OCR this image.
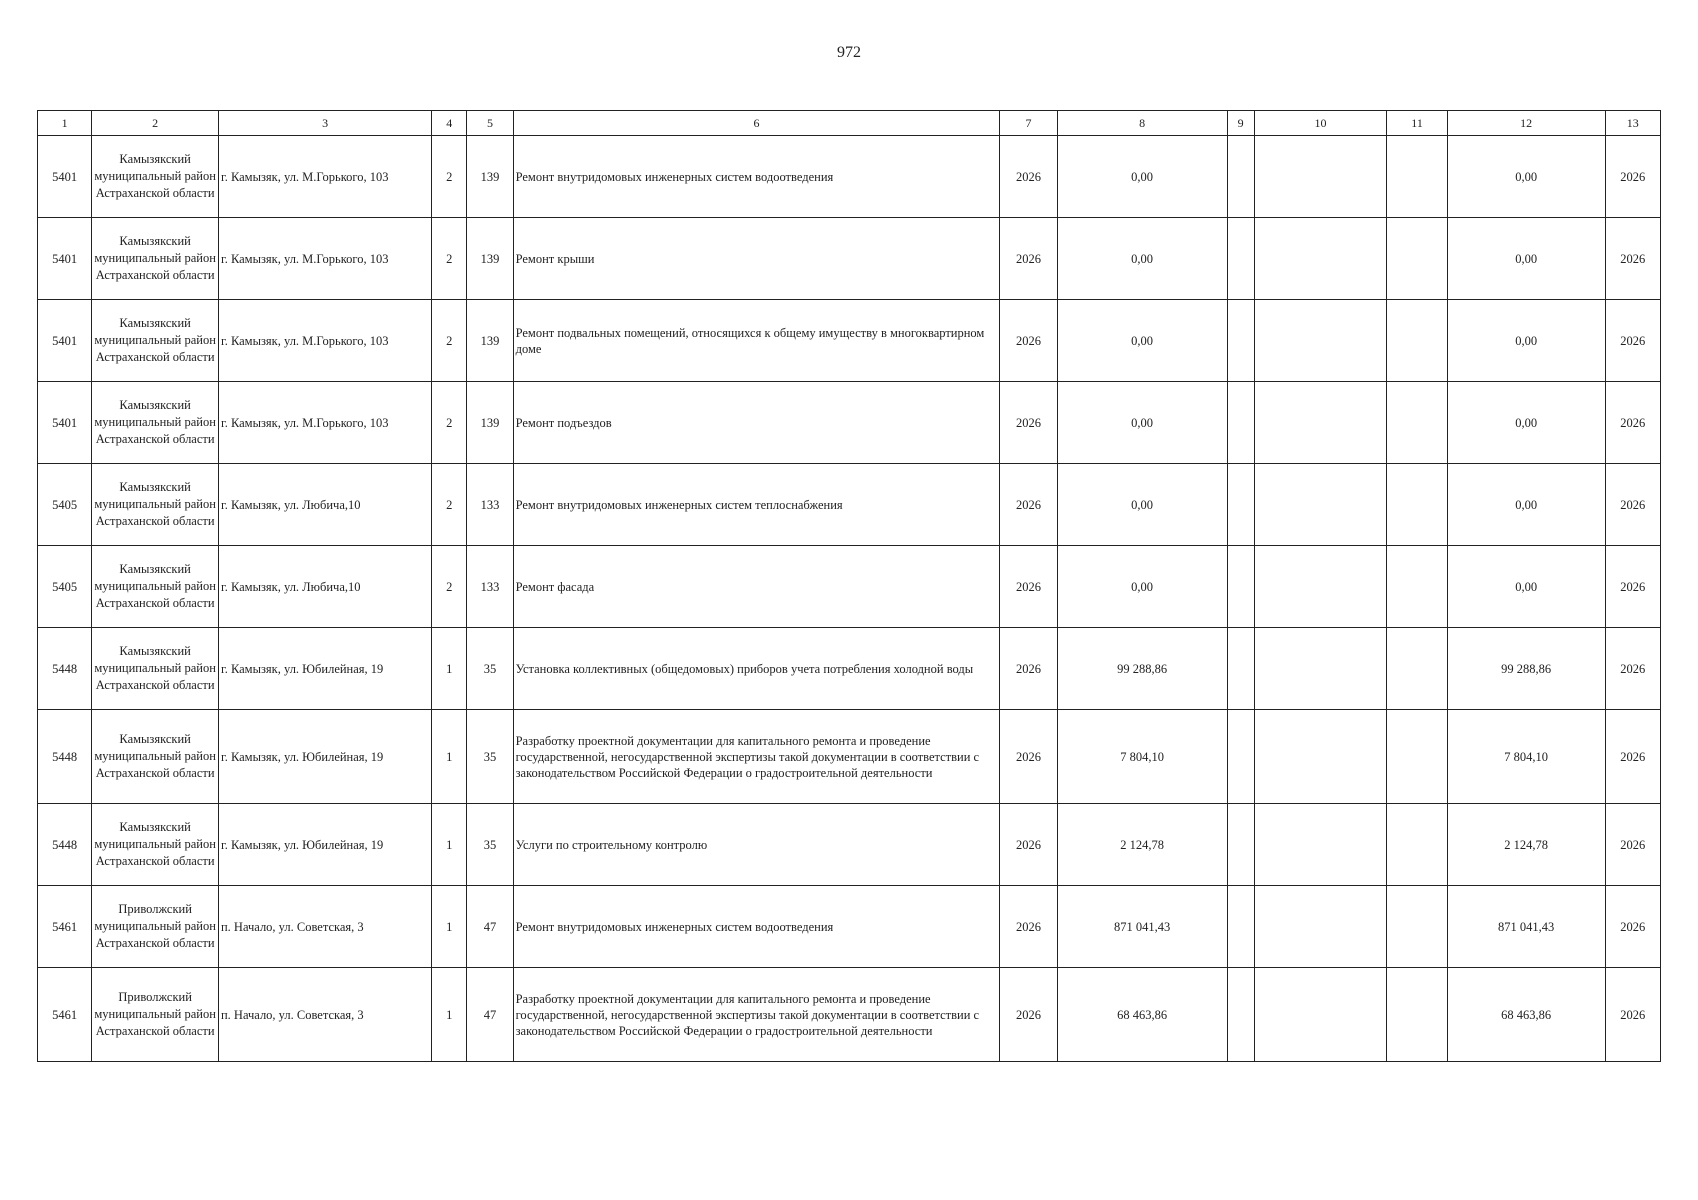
972
1	2	3	4	5	6	7	8	9	10	11	12	13
5401	Камызякский муниципальный район Астраханской области	г. Камызяк, ул. М.Горького, 103	2	139	Ремонт внутридомовых инженерных систем водоотведения	2026	0,00				0,00	2026
5401	Камызякский муниципальный район Астраханской области	г. Камызяк, ул. М.Горького, 103	2	139	Ремонт крыши	2026	0,00				0,00	2026
5401	Камызякский муниципальный район Астраханской области	г. Камызяк, ул. М.Горького, 103	2	139	Ремонт подвальных помещений, относящихся к общему имуществу в многоквартирном доме	2026	0,00				0,00	2026
5401	Камызякский муниципальный район Астраханской области	г. Камызяк, ул. М.Горького, 103	2	139	Ремонт подъездов	2026	0,00				0,00	2026
5405	Камызякский муниципальный район Астраханской области	г. Камызяк, ул. Любича,10	2	133	Ремонт внутридомовых инженерных систем теплоснабжения	2026	0,00				0,00	2026
5405	Камызякский муниципальный район Астраханской области	г. Камызяк, ул. Любича,10	2	133	Ремонт фасада	2026	0,00				0,00	2026
5448	Камызякский муниципальный район Астраханской области	г. Камызяк, ул. Юбилейная, 19	1	35	Установка коллективных (общедомовых) приборов учета потребления холодной воды	2026	99 288,86				99 288,86	2026
5448	Камызякский муниципальный район Астраханской области	г. Камызяк, ул. Юбилейная, 19	1	35	Разработку проектной документации для капитального ремонта и проведение государственной, негосударственной экспертизы такой документации в соответствии с законодательством Российской Федерации о градостроительной деятельности	2026	7 804,10				7 804,10	2026
5448	Камызякский муниципальный район Астраханской области	г. Камызяк, ул. Юбилейная, 19	1	35	Услуги по строительному контролю	2026	2 124,78				2 124,78	2026
5461	Приволжский муниципальный район Астраханской области	п. Начало, ул. Советская, 3	1	47	Ремонт внутридомовых инженерных систем водоотведения	2026	871 041,43				871 041,43	2026
5461	Приволжский муниципальный район Астраханской области	п. Начало, ул. Советская, 3	1	47	Разработку проектной документации для капитального ремонта и проведение государственной, негосударственной экспертизы такой документации в соответствии с законодательством Российской Федерации о градостроительной деятельности	2026	68 463,86				68 463,86	2026
